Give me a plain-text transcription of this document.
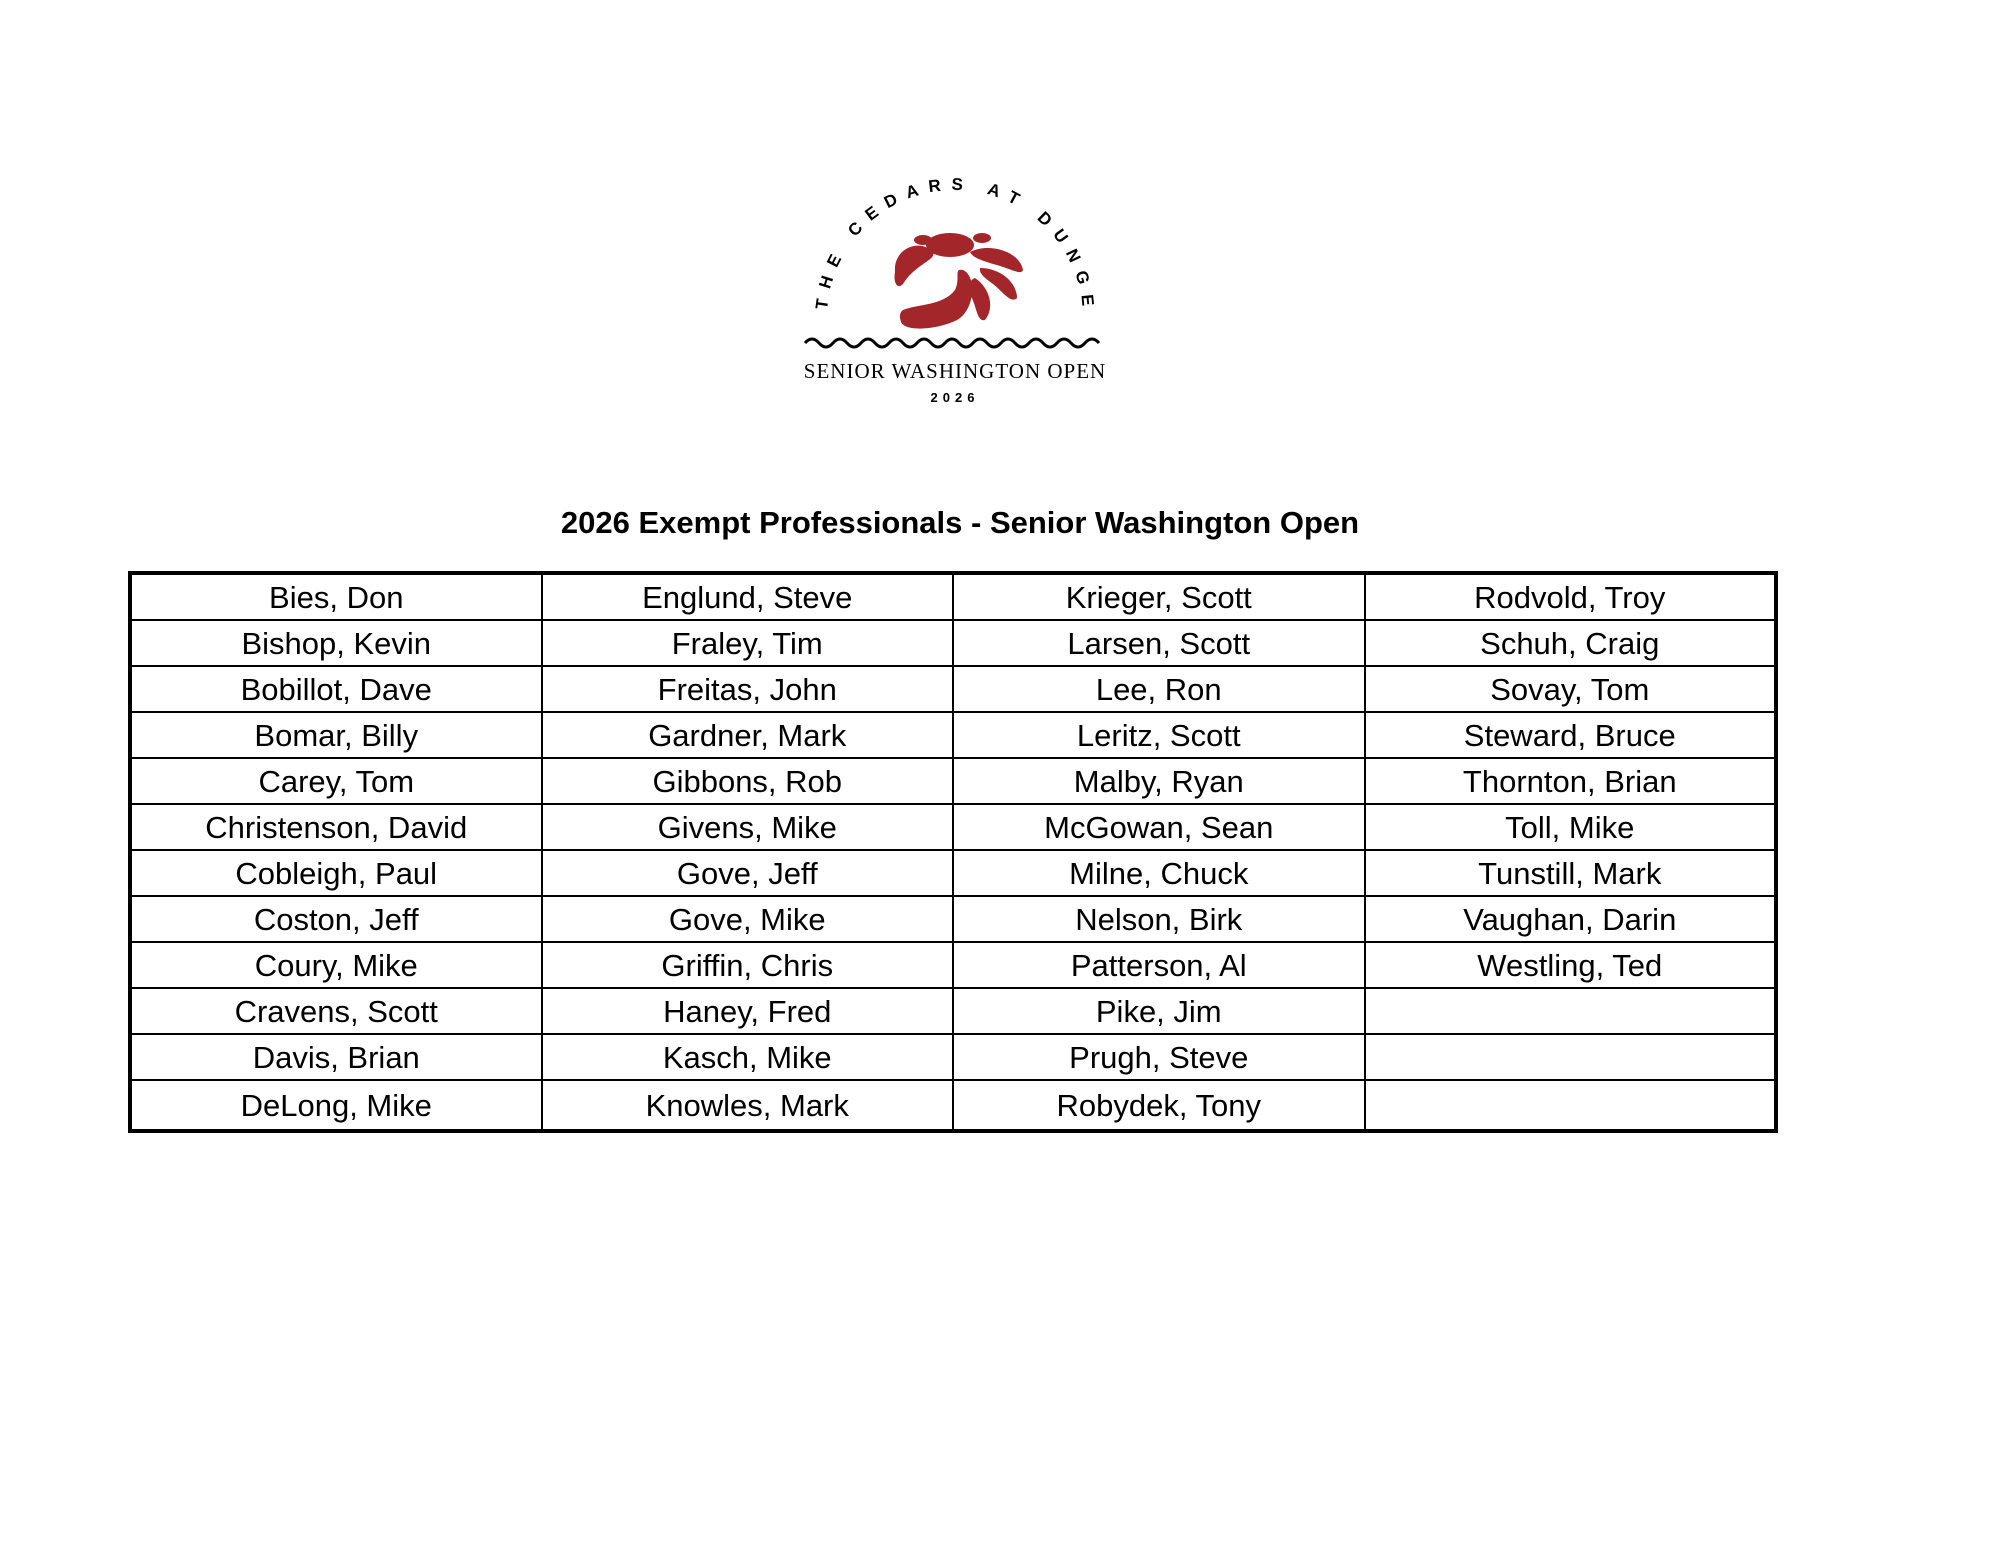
THE CEDARS AT DUNGE
SENIOR WASHINGTON OPEN
2026
2026 Exempt Professionals - Senior Washington Open
Bies, Don	Englund, Steve	Krieger, Scott	Rodvold, Troy
Bishop, Kevin	Fraley, Tim	Larsen, Scott	Schuh, Craig
Bobillot, Dave	Freitas, John	Lee, Ron	Sovay, Tom
Bomar, Billy	Gardner, Mark	Leritz, Scott	Steward, Bruce
Carey, Tom	Gibbons, Rob	Malby, Ryan	Thornton, Brian
Christenson, David	Givens, Mike	McGowan, Sean	Toll, Mike
Cobleigh, Paul	Gove, Jeff	Milne, Chuck	Tunstill, Mark
Coston, Jeff	Gove, Mike	Nelson, Birk	Vaughan, Darin
Coury, Mike	Griffin, Chris	Patterson, Al	Westling, Ted
Cravens, Scott	Haney, Fred	Pike, Jim	
Davis, Brian	Kasch, Mike	Prugh, Steve	
DeLong, Mike	Knowles, Mark	Robydek, Tony	
